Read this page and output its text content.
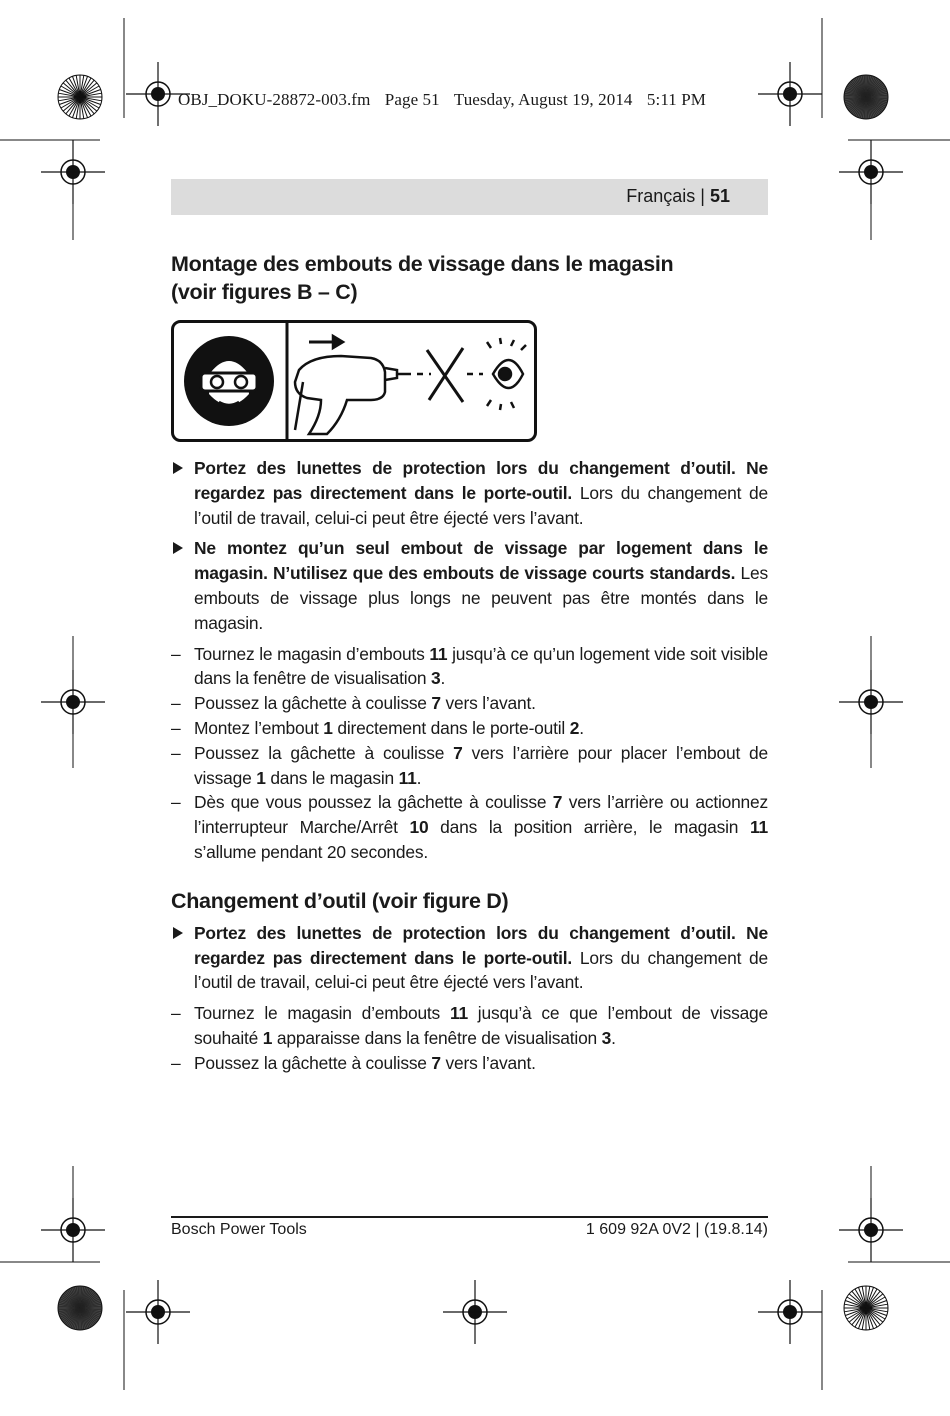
OBJ_DOKU-28872-003.fm Page 51 Tuesday, August 19, 2014 5:11 PM
Français | 51
Montage des embouts de vissage dans le magasin
(voir figures B – C)

Portez des lunettes de protection lors du changement d’outil. Ne regardez pas directement dans le porte-outil. Lors du changement de l’outil de travail, celui-ci peut être éjecté vers l’avant.

Ne montez qu’un seul embout de vissage par logement dans le magasin. N’utilisez que des embouts de vissage courts standards. Les embouts de vissage plus longs ne peuvent pas être montés dans le magasin.

– Tournez le magasin d’embouts 11 jusqu’à ce qu’un logement vide soit visible dans la fenêtre de visualisation 3.

– Poussez la gâchette à coulisse 7 vers l’avant.

– Montez l’embout 1 directement dans le porte-outil 2.

– Poussez la gâchette à coulisse 7 vers l’arrière pour placer l’embout de vissage 1 dans le magasin 11.

– Dès que vous poussez la gâchette à coulisse 7 vers l’arrière ou actionnez l’interrupteur Marche/Arrêt 10 dans la position arrière, le magasin 11 s’allume pendant 20 secondes.

Changement d’outil (voir figure D)

Portez des lunettes de protection lors du changement d’outil. Ne regardez pas directement dans le porte-outil. Lors du changement de l’outil de travail, celui-ci peut être éjecté vers l’avant.

– Tournez le magasin d’embouts 11 jusqu’à ce que l’embout de vissage souhaité 1 apparaisse dans la fenêtre de visualisation 3.

– Poussez la gâchette à coulisse 7 vers l’avant.

Bosch Power Tools	1 609 92A 0V2 | (19.8.14)
